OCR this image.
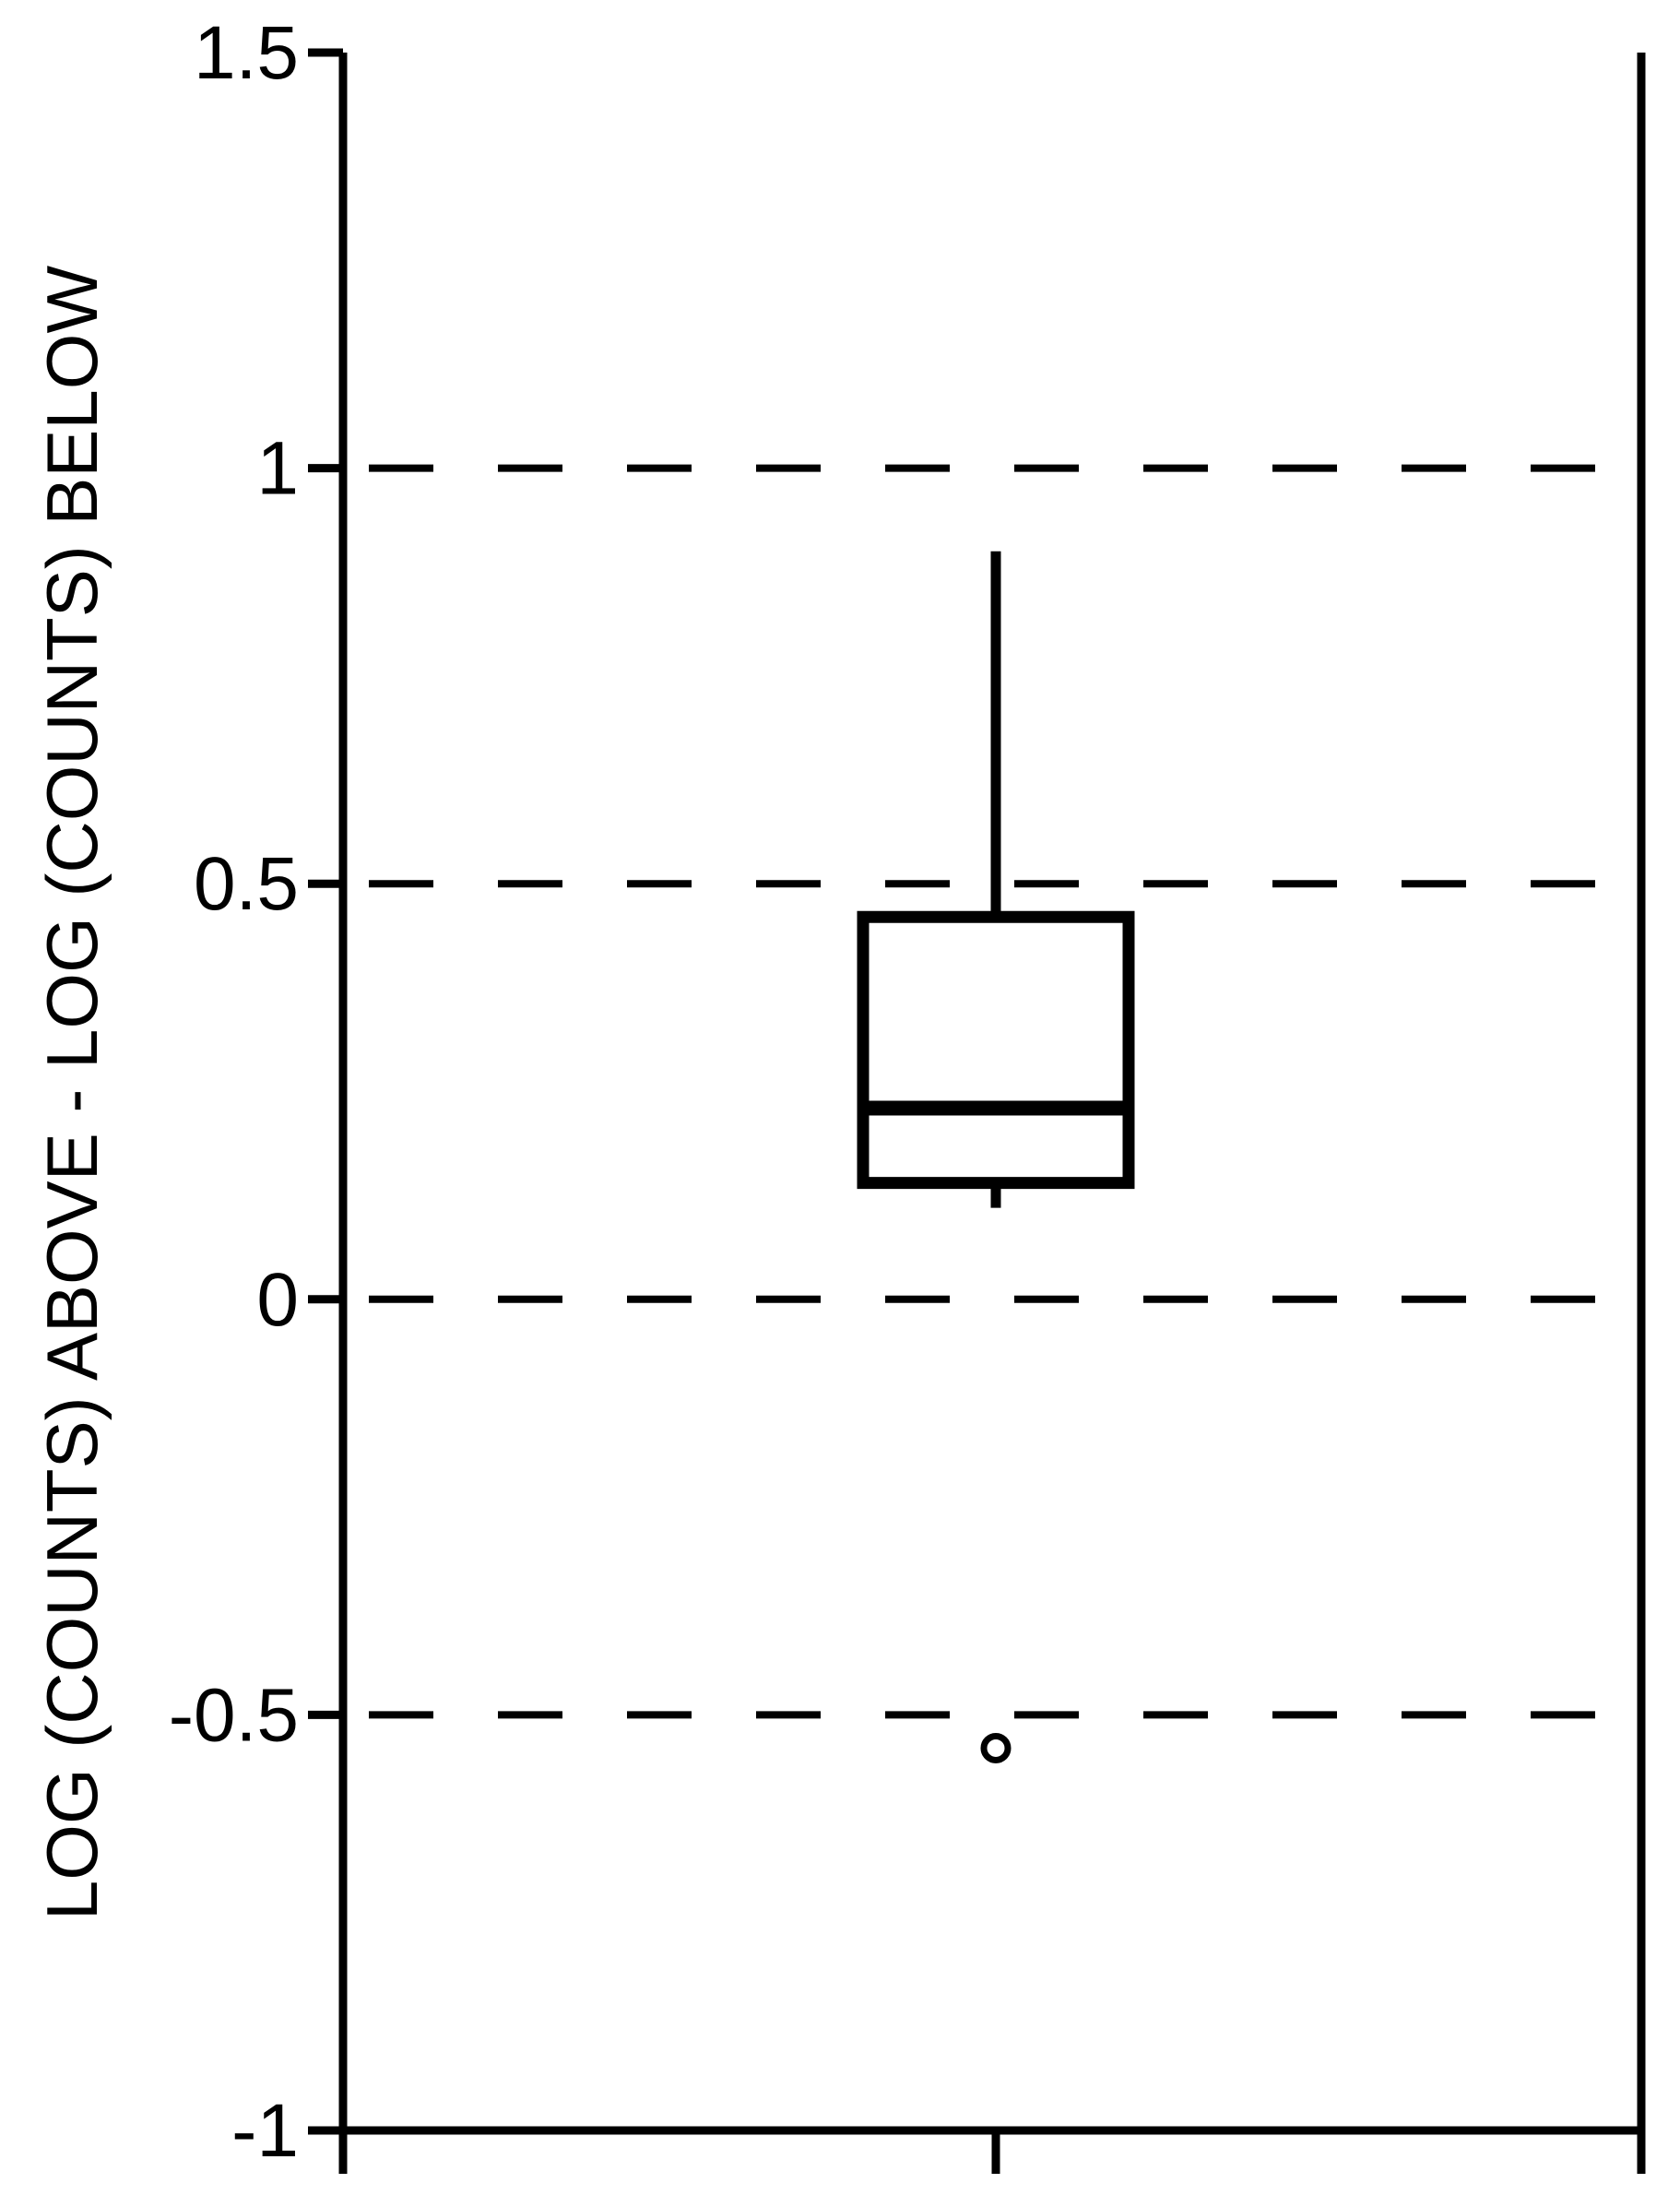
-1
-0.5
0
0.5
1
1.5
LOG (COUNTS) ABOVE - LOG (COUNTS) BELOW
